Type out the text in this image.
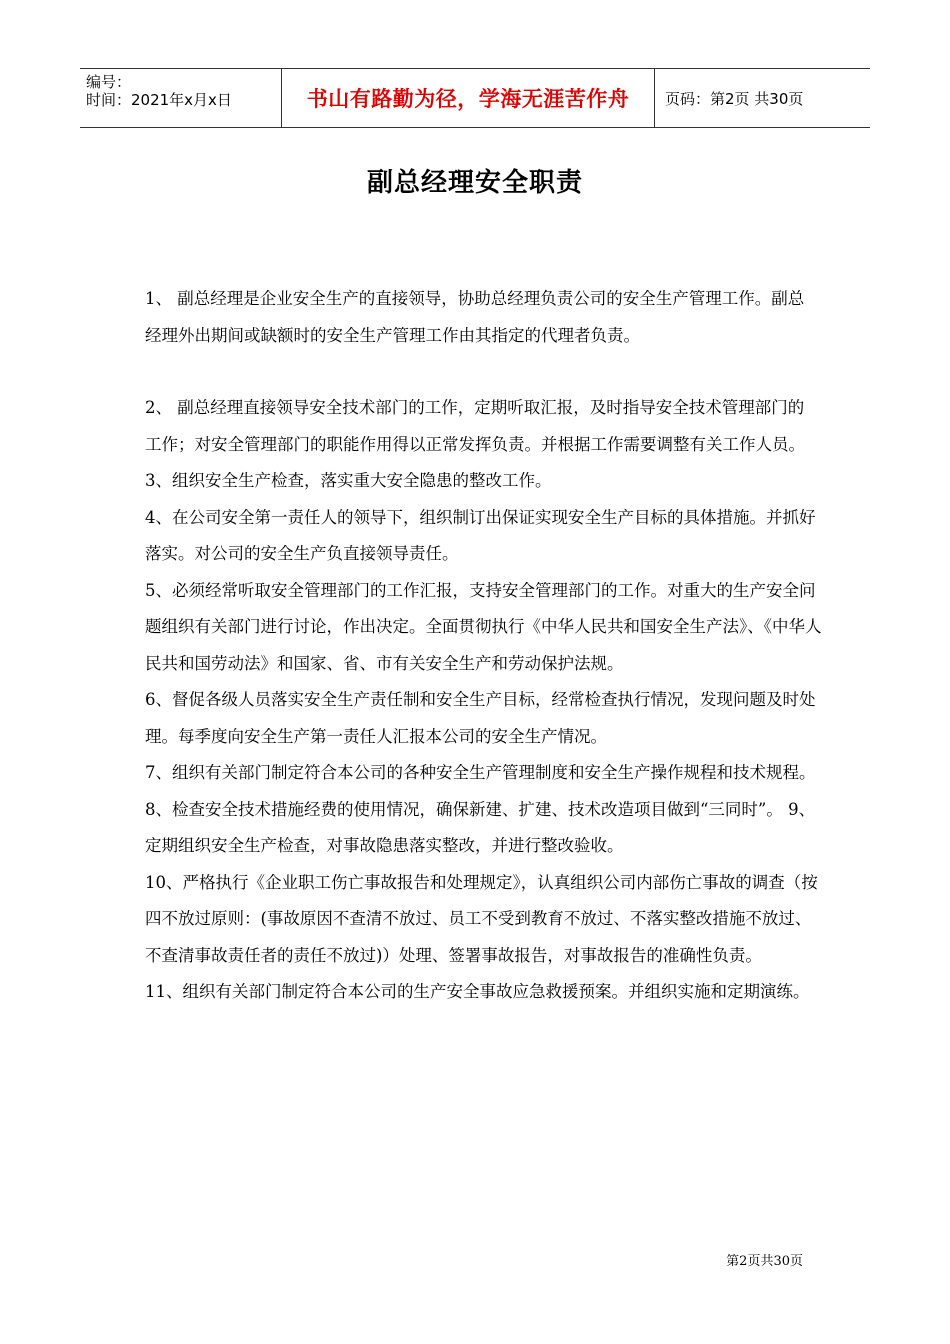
编号：
时间：2021年x月x日	书山有路勤为径，学海无涯苦作舟	页码：第2页 共30页
副总经理安全职责

1、 副总经理是企业安全生产的直接领导，协助总经理负责公司的安全生产管理工作。副总 经理外出期间或缺额时的安全生产管理工作由其指定的代理者负责。

2、 副总经理直接领导安全技术部门的工作，定期听取汇报，及时指导安全技术管理部门的 工作；对安全管理部门的职能作用得以正常发挥负责。并根据工作需要调整有关工作人员。

3、组织安全生产检查，落实重大安全隐患的整改工作。

4、在公司安全第一责任人的领导下，组织制订出保证实现安全生产目标的具体措施。并抓好落实。对公司的安全生产负直接领导责任。

5、必须经常听取安全管理部门的工作汇报，支持安全管理部门的工作。对重大的生产安全问题组织有关部门进行讨论，作出决定。全面贯彻执行《中华人民共和国安全生产法》、《中华人民共和国劳动法》和国家、省、市有关安全生产和劳动保护法规。

6、督促各级人员落实安全生产责任制和安全生产目标，经常检查执行情况，发现问题及时处理。每季度向安全生产第一责任人汇报本公司的安全生产情况。

7、组织有关部门制定符合本公司的各种安全生产管理制度和安全生产操作规程和技术规程。

8、检查安全技术措施经费的使用情况，确保新建、扩建、技术改造项目做到“三同时”。 9、定期组织安全生产检查，对事故隐患落实整改，并进行整改验收。

10、严格执行《企业职工伤亡事故报告和处理规定》，认真组织公司内部伤亡事故的调查（按四不放过原则：(事故原因不查清不放过、员工不受到教育不放过、不落实整改措施不放过、不查清事故责任者的责任不放过)）处理、签署事故报告，对事故报告的准确性负责。

11、组织有关部门制定符合本公司的生产安全事故应急救援预案。并组织实施和定期演练。

第2页共30页
